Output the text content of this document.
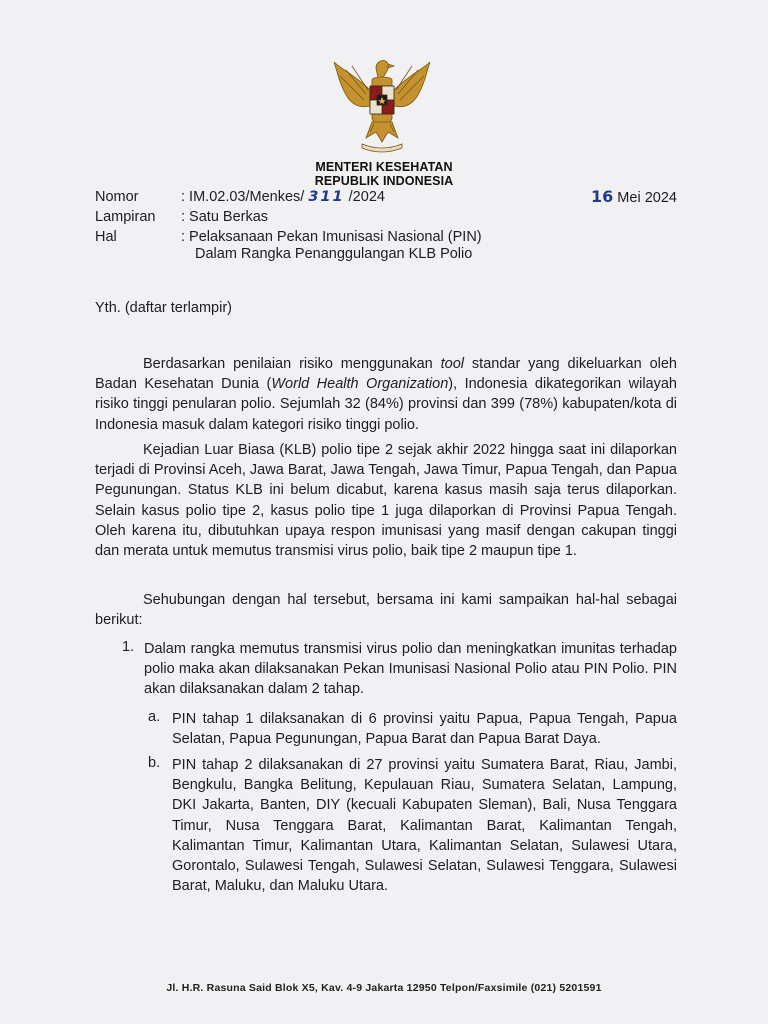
MENTERI KESEHATAN
REPUBLIK INDONESIA
Nomor	: IM.02.03/Menkes/ 311 /2024
Lampiran : Satu Berkas
Hal	: Pelaksanaan Pekan Imunisasi Nasional (PIN)
Dalam Rangka Penanggulangan KLB Polio
16 Mei 2024
Yth. (daftar terlampir)

Berdasarkan penilaian risiko menggunakan tool standar yang dikeluarkan oleh Badan Kesehatan Dunia (World Health Organization), Indonesia dikategorikan wilayah risiko tinggi penularan polio. Sejumlah 32 (84%) provinsi dan 399 (78%) kabupaten/kota di Indonesia masuk dalam kategori risiko tinggi polio.

Kejadian Luar Biasa (KLB) polio tipe 2 sejak akhir 2022 hingga saat ini dilaporkan terjadi di Provinsi Aceh, Jawa Barat, Jawa Tengah, Jawa Timur, Papua Tengah, dan Papua Pegunungan. Status KLB ini belum dicabut, karena kasus masih saja terus dilaporkan. Selain kasus polio tipe 2, kasus polio tipe 1 juga dilaporkan di Provinsi Papua Tengah. Oleh karena itu, dibutuhkan upaya respon imunisasi yang masif dengan cakupan tinggi dan merata untuk memutus transmisi virus polio, baik tipe 2 maupun tipe 1.

Sehubungan dengan hal tersebut, bersama ini kami sampaikan hal-hal sebagai berikut:

1. Dalam rangka memutus transmisi virus polio dan meningkatkan imunitas terhadap polio maka akan dilaksanakan Pekan Imunisasi Nasional Polio atau PIN Polio. PIN akan dilaksanakan dalam 2 tahap.

a. PIN tahap 1 dilaksanakan di 6 provinsi yaitu Papua, Papua Tengah, Papua Selatan, Papua Pegunungan, Papua Barat dan Papua Barat Daya.

b. PIN tahap 2 dilaksanakan di 27 provinsi yaitu Sumatera Barat, Riau, Jambi, Bengkulu, Bangka Belitung, Kepulauan Riau, Sumatera Selatan, Lampung, DKI Jakarta, Banten, DIY (kecuali Kabupaten Sleman), Bali, Nusa Tenggara Timur, Nusa Tenggara Barat, Kalimantan Barat, Kalimantan Tengah, Kalimantan Timur, Kalimantan Utara, Kalimantan Selatan, Sulawesi Utara, Gorontalo, Sulawesi Tengah, Sulawesi Selatan, Sulawesi Tenggara, Sulawesi Barat, Maluku, dan Maluku Utara.

Jl. H.R. Rasuna Said Blok X5, Kav. 4-9 Jakarta 12950 Telpon/Faxsimile (021) 5201591
